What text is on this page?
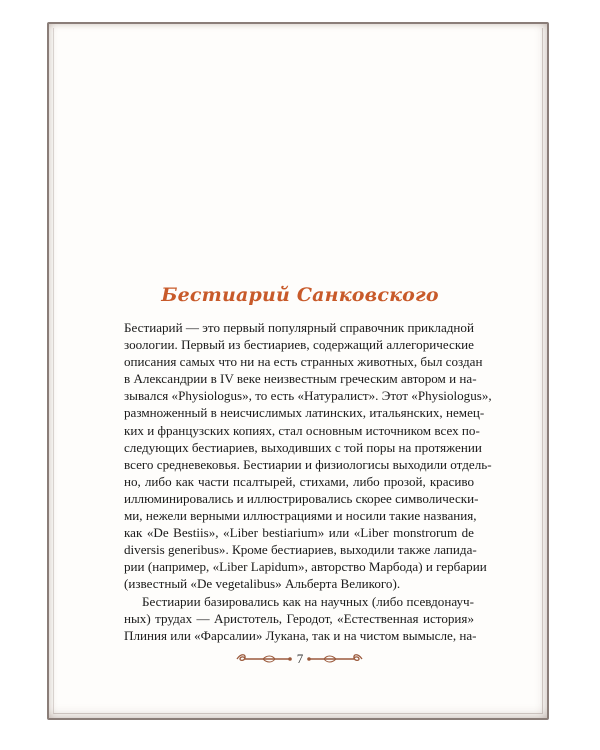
Бестиарий Санковского
Бестиарий — это первый популярный справочник прикладной
зоологии. Первый из бестиариев, содержащий аллегорические
описания самых что ни на есть странных животных, был создан
в Александрии в IV веке неизвестным греческим автором и на-
зывался «Physiologus», то есть «Натуралист». Этот «Physiologus»,
размноженный в неисчислимых латинских, итальянских, немец-
ких и французских копиях, стал основным источником всех по-
следующих бестиариев, выходивших с той поры на протяжении
всего средневековья. Бестиарии и физиологисы выходили отдель-
но, либо как части псалтырей, стихами, либо прозой, красиво
иллюминировались и иллюстрировались скорее символически-
ми, нежели верными иллюстрациями и носили такие названия,
как «De Bestiis», «Liber bestiarium» или «Liber monstrorum de
diversis generibus». Кроме бестиариев, выходили также лапида-
рии (например, «Liber Lapidum», авторство Марбода) и гербарии
(известный «De vegetalibus» Альберта Великого).
Бестиарии базировались как на научных (либо псевдонауч-
ных) трудах — Аристотель, Геродот, «Естественная история»
Плиния или «Фарсалии» Лукана, так и на чистом вымысле, на-
7
